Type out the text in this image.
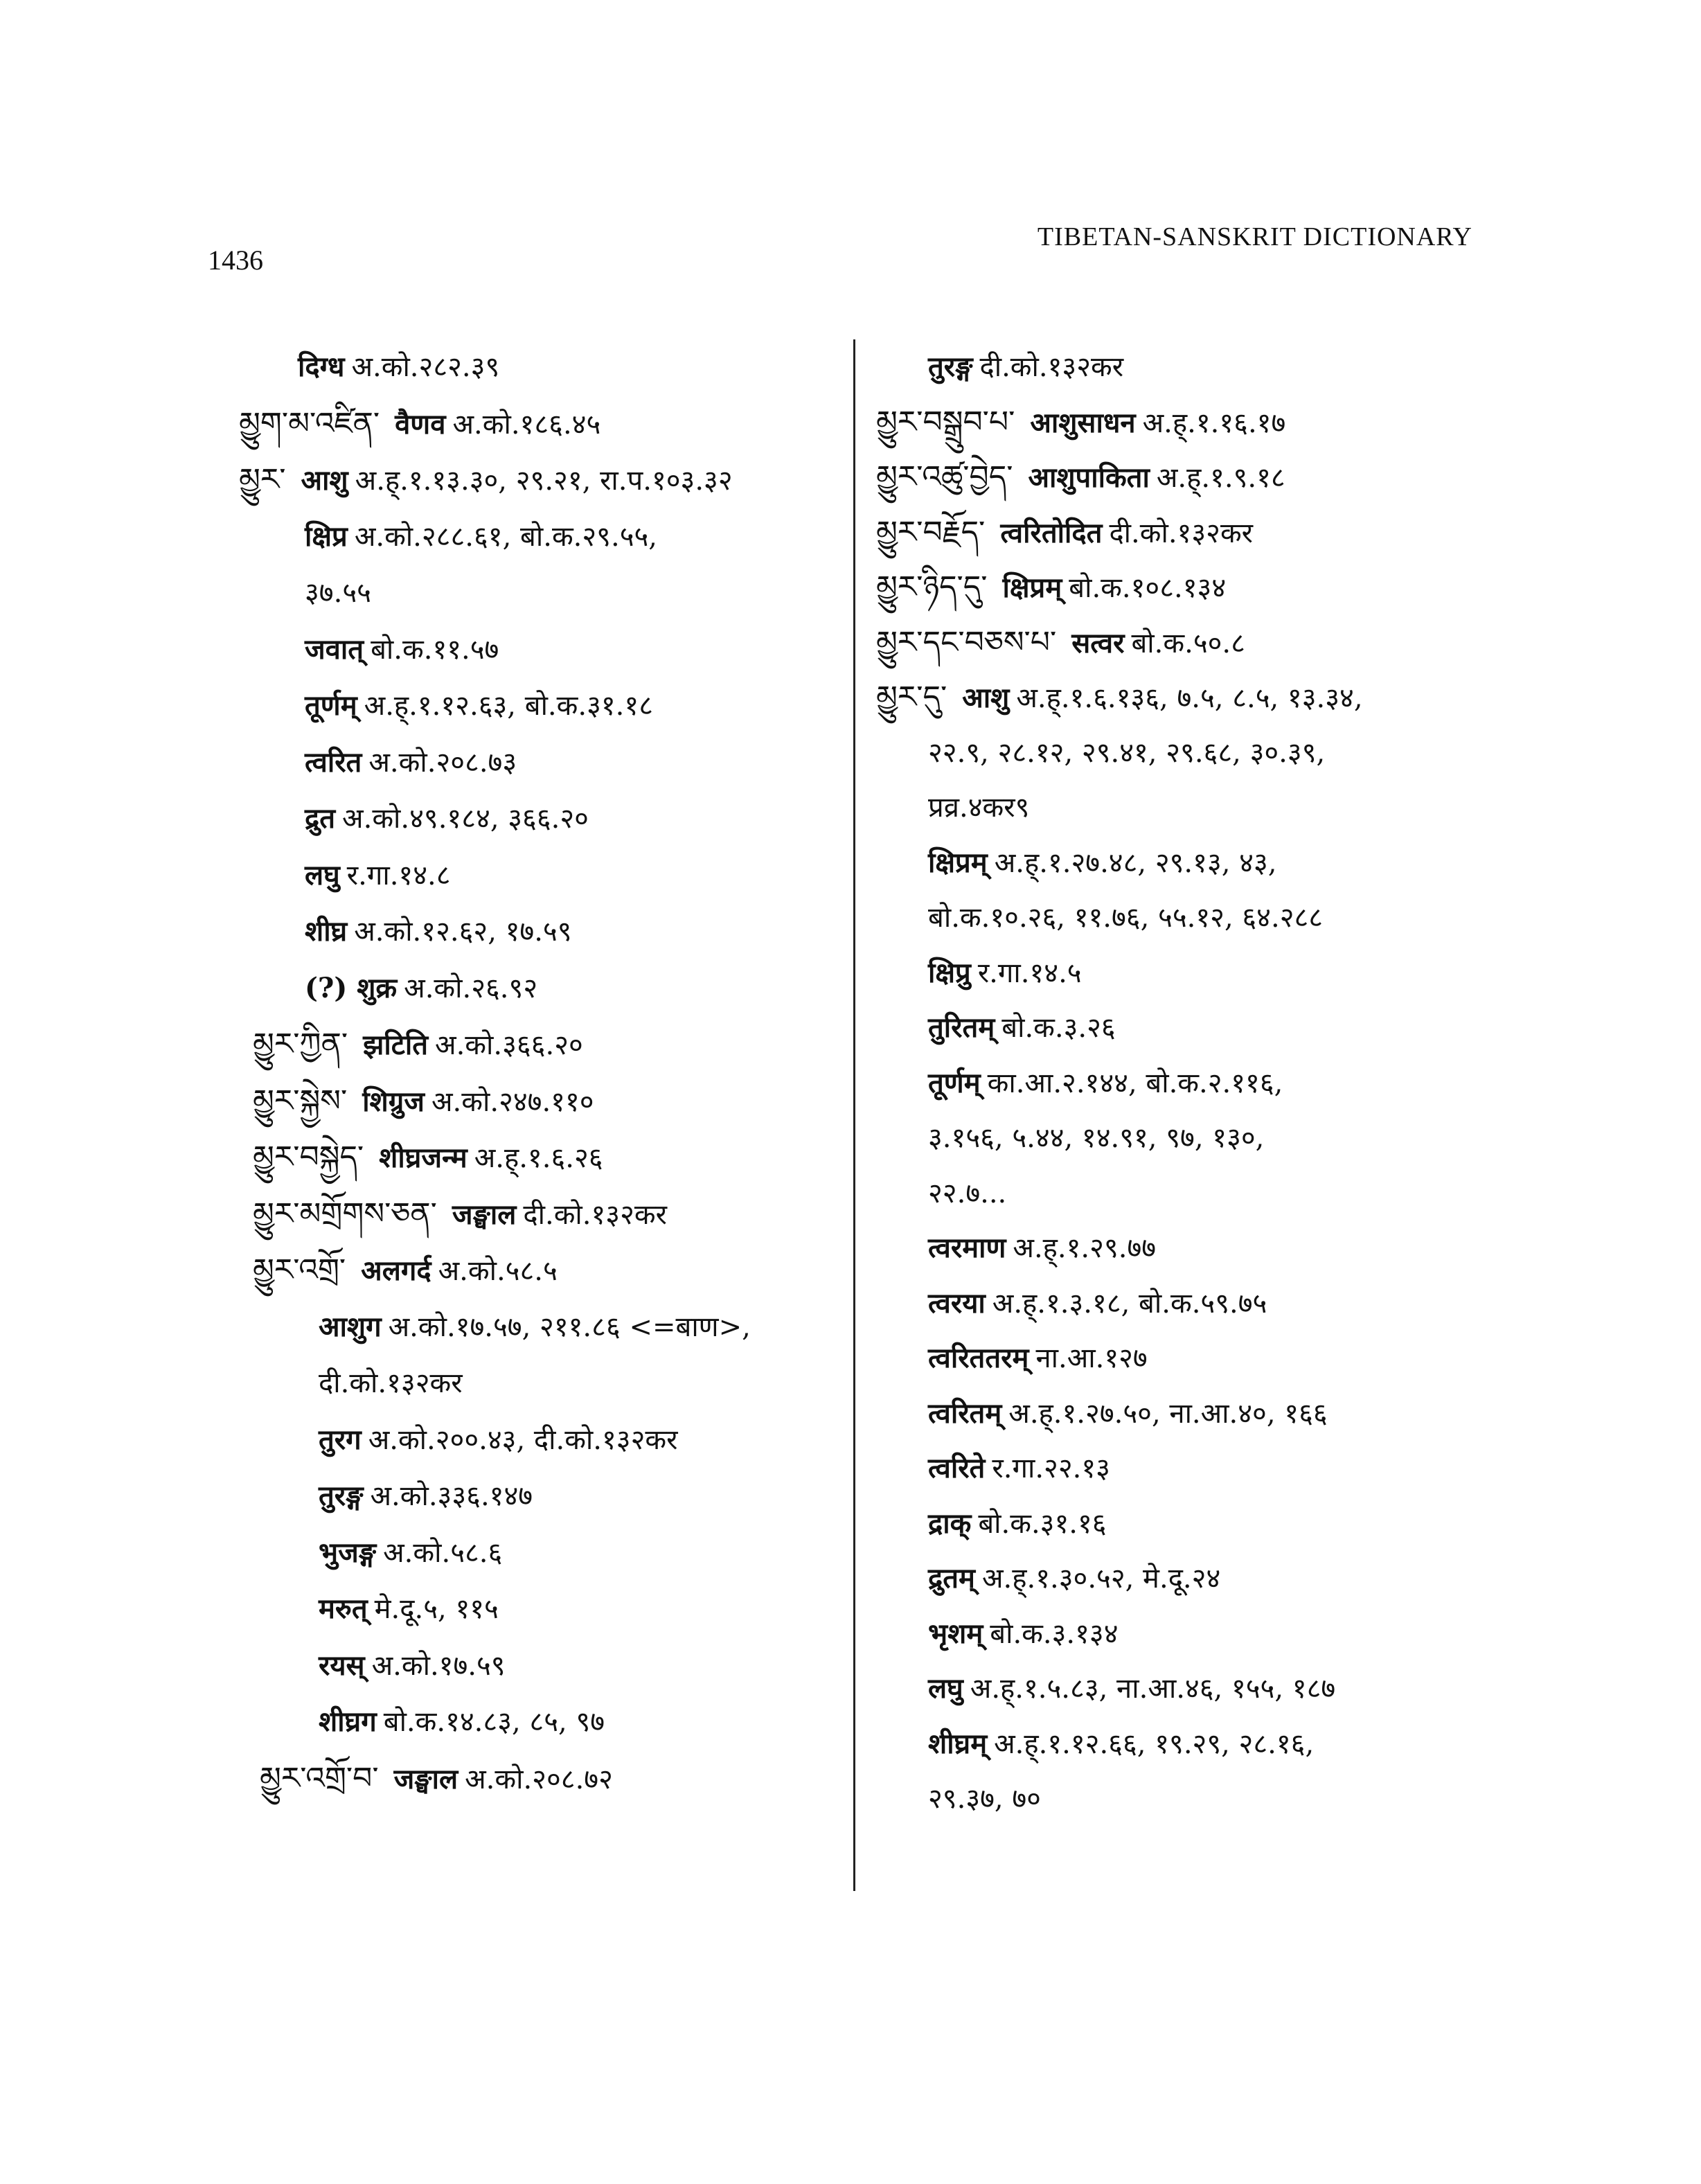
1436
TIBETAN-SANSKRIT DICTIONARY
दिग्ध अ.को.२८२.३९
མྱུག་མ་འཛིན་ वैणव अ.को.१८६.४५
མྱུར་ आशु अ.ह्.१.१३.३०, २९.२१, रा.प.१०३.३२
क्षिप्र अ.को.२८८.६१, बो.क.२९.५५,
३७.५५
जवात् बो.क.११.५७
तूर्णम् अ.ह्.१.१२.६३, बो.क.३१.१८
त्वरित अ.को.२०८.७३
द्रुत अ.को.४९.१८४, ३६६.२०
लघु र.गा.१४.८
शीघ्र अ.को.१२.६२, १७.५९
(?) शुक्र अ.को.२६.९२
མྱུར་ཀྱིན་ झटिति अ.को.३६६.२०
མྱུར་སྐྱེས་ शिग्रुज अ.को.२४७.११०
མྱུར་བསྐྱེད་ शीघ्रजन्म अ.ह्.१.६.२६
མྱུར་མགྲོགས་ཅན་ जङ्घाल दी.को.१३२कर
མྱུར་འགྲོ་ अलगर्द अ.को.५८.५
आशुग अ.को.१७.५७, २११.८६ <=बाण>,
दी.को.१३२कर
तुरग अ.को.२००.४३, दी.को.१३२कर
तुरङ्ग अ.को.३३६.१४७
भुजङ्ग अ.को.५८.६
मरुत् मे.दू.५, ११५
रयस् अ.को.१७.५९
शीघ्रग बो.क.१४.८३, ८५, ९७
མྱུར་འགྲོ་བ་ जङ्घाल अ.को.२०८.७२
तुरङ्ग दी.को.१३२कर
མྱུར་བསྒྲུབ་པ་ आशुसाधन अ.ह्.१.१६.१७
མྱུར་འཚུ་བྱེད་ आशुपाकिता अ.ह्.१.९.१८
མྱུར་བརྗོད་ त्वरितोदित दी.को.१३२कर
མྱུར་ཉིད་དུ་ क्षिप्रम् बो.क.१०८.१३४
མྱུར་དང་བཅས་པ་ सत्वर बो.क.५०.८
མྱུར་དུ་ आशु अ.ह्.१.६.१३६, ७.५, ८.५, १३.३४,
२२.९, २८.१२, २९.४१, २९.६८, ३०.३९,
प्रव्र.४कर९
क्षिप्रम् अ.ह्.१.२७.४८, २९.१३, ४३,
बो.क.१०.२६, ११.७६, ५५.१२, ६४.२८८
क्षिप्रु र.गा.१४.५
तुरितम् बो.क.३.२६
तूर्णम् का.आ.२.१४४, बो.क.२.११६,
३.१५६, ५.४४, १४.९१, ९७, १३०,
२२.७...
त्वरमाण अ.ह्.१.२९.७७
त्वरया अ.ह्.१.३.१८, बो.क.५९.७५
त्वरिततरम् ना.आ.१२७
त्वरितम् अ.ह्.१.२७.५०, ना.आ.४०, १६६
त्वरिते र.गा.२२.१३
द्राक् बो.क.३१.१६
द्रुतम् अ.ह्.१.३०.५२, मे.दू.२४
भृशम् बो.क.३.१३४
लघु अ.ह्.१.५.८३, ना.आ.४६, १५५, १८७
शीघ्रम् अ.ह्.१.१२.६६, १९.२९, २८.१६,
२९.३७, ७०
